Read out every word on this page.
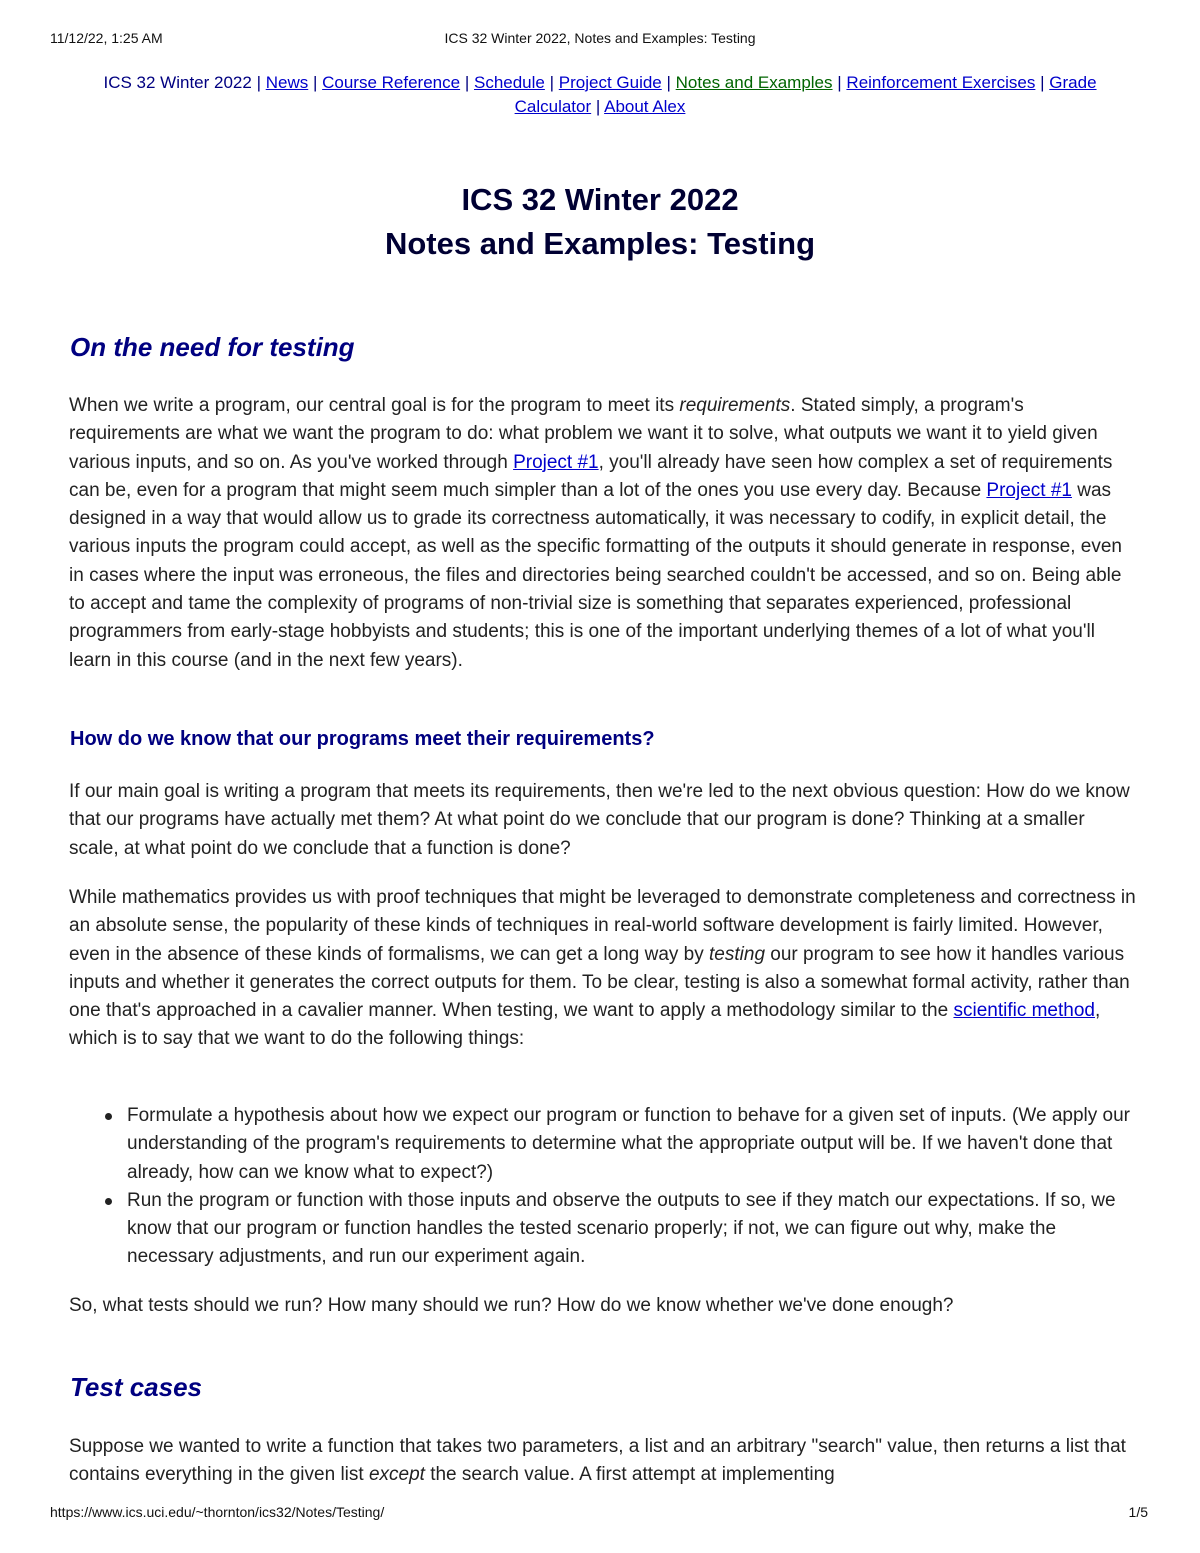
11/12/22, 1:25 AM	ICS 32 Winter 2022, Notes and Examples: Testing
ICS 32 Winter 2022 | News | Course Reference | Schedule | Project Guide | Notes and Examples | Reinforcement Exercises | Grade Calculator | About Alex
ICS 32 Winter 2022
Notes and Examples: Testing
On the need for testing

When we write a program, our central goal is for the program to meet its requirements. Stated simply, a program's requirements are what we want the program to do: what problem we want it to solve, what outputs we want it to yield given various inputs, and so on. As you've worked through Project #1, you'll already have seen how complex a set of requirements can be, even for a program that might seem much simpler than a lot of the ones you use every day. Because Project #1 was designed in a way that would allow us to grade its correctness automatically, it was necessary to codify, in explicit detail, the various inputs the program could accept, as well as the specific formatting of the outputs it should generate in response, even in cases where the input was erroneous, the files and directories being searched couldn't be accessed, and so on. Being able to accept and tame the complexity of programs of non-trivial size is something that separates experienced, professional programmers from early-stage hobbyists and students; this is one of the important underlying themes of a lot of what you'll learn in this course (and in the next few years).

How do we know that our programs meet their requirements?

If our main goal is writing a program that meets its requirements, then we're led to the next obvious question: How do we know that our programs have actually met them? At what point do we conclude that our program is done? Thinking at a smaller scale, at what point do we conclude that a function is done?

While mathematics provides us with proof techniques that might be leveraged to demonstrate completeness and correctness in an absolute sense, the popularity of these kinds of techniques in real-world software development is fairly limited. However, even in the absence of these kinds of formalisms, we can get a long way by testing our program to see how it handles various inputs and whether it generates the correct outputs for them. To be clear, testing is also a somewhat formal activity, rather than one that's approached in a cavalier manner. When testing, we want to apply a methodology similar to the scientific method, which is to say that we want to do the following things:

Formulate a hypothesis about how we expect our program or function to behave for a given set of inputs. (We apply our understanding of the program's requirements to determine what the appropriate output will be. If we haven't done that already, how can we know what to expect?)
Run the program or function with those inputs and observe the outputs to see if they match our expectations. If so, we know that our program or function handles the tested scenario properly; if not, we can figure out why, make the necessary adjustments, and run our experiment again.

So, what tests should we run? How many should we run? How do we know whether we've done enough?

Test cases

Suppose we wanted to write a function that takes two parameters, a list and an arbitrary "search" value, then returns a list that contains everything in the given list except the search value. A first attempt at implementing

https://www.ics.uci.edu/~thornton/ics32/Notes/Testing/	1/5
